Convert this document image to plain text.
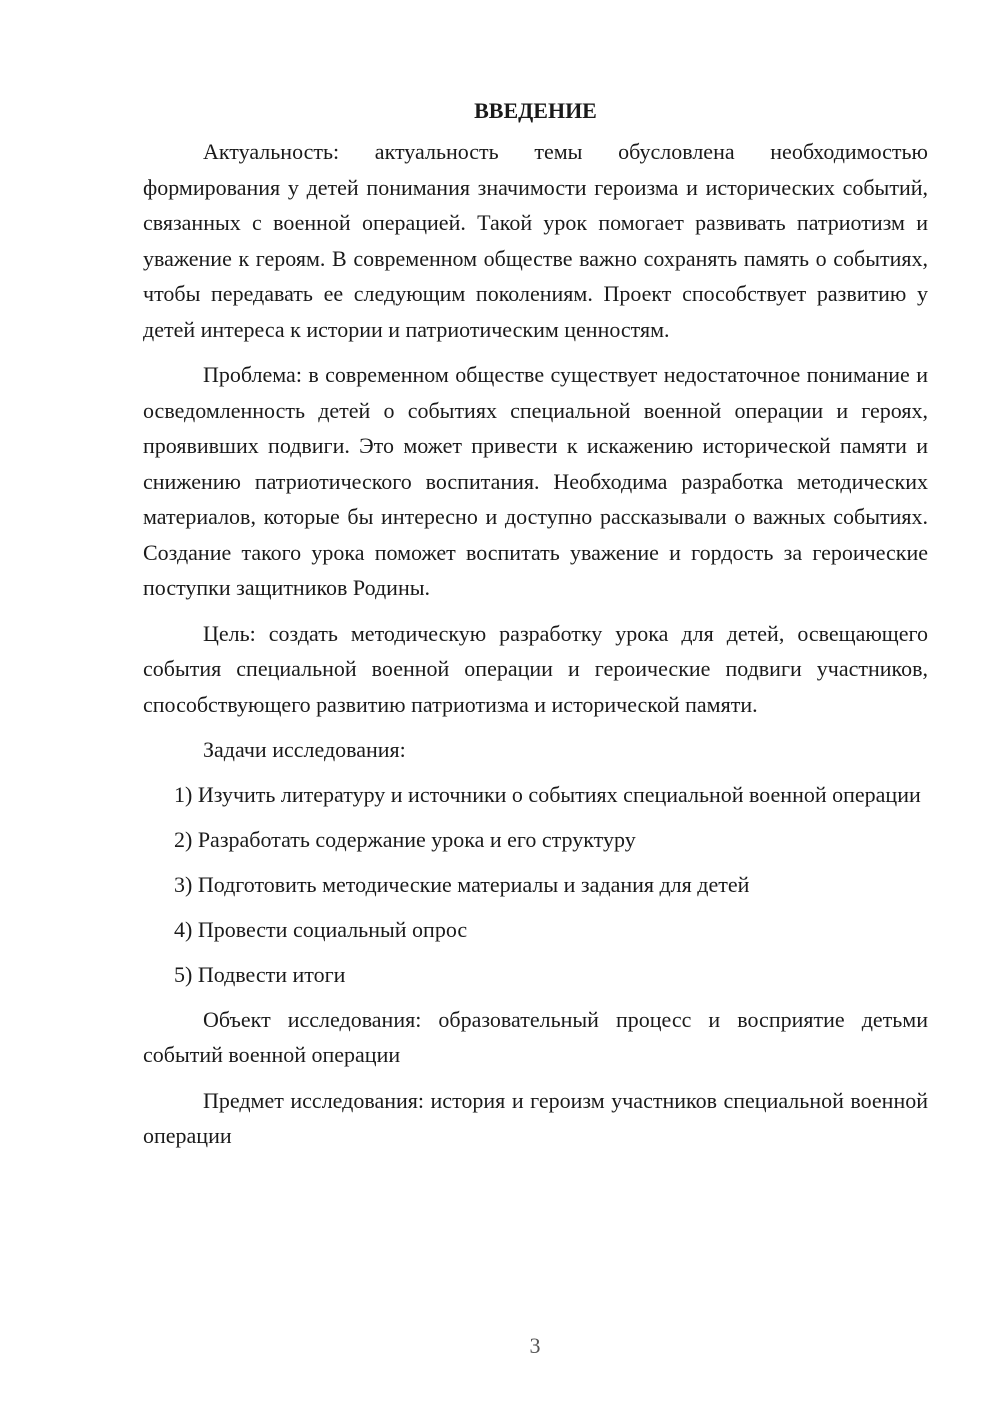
ВВЕДЕНИЕ

Актуальность: актуальность темы обусловлена необходимостью формирования у детей понимания значимости героизма и исторических событий, связанных с военной операцией. Такой урок помогает развивать патриотизм и уважение к героям. В современном обществе важно сохранять память о событиях, чтобы передавать ее следующим поколениям. Проект способствует развитию у детей интереса к истории и патриотическим ценностям.

Проблема: в современном обществе существует недостаточное понимание и осведомленность детей о событиях специальной военной операции и героях, проявивших подвиги. Это может привести к искажению исторической памяти и снижению патриотического воспитания. Необходима разработка методических материалов, которые бы интересно и доступно рассказывали о важных событиях. Создание такого урока поможет воспитать уважение и гордость за героические поступки защитников Родины.

Цель: создать методическую разработку урока для детей, освещающего события специальной военной операции и героические подвиги участников, способствующего развитию патриотизма и исторической памяти.

Задачи исследования:

1) Изучить литературу и источники о событиях специальной военной операции

2) Разработать содержание урока и его структуру

3) Подготовить методические материалы и задания для детей

4) Провести социальный опрос

5) Подвести итоги

Объект исследования: образовательный процесс и восприятие детьми событий военной операции

Предмет исследования: история и героизм участников специальной военной операции

3
